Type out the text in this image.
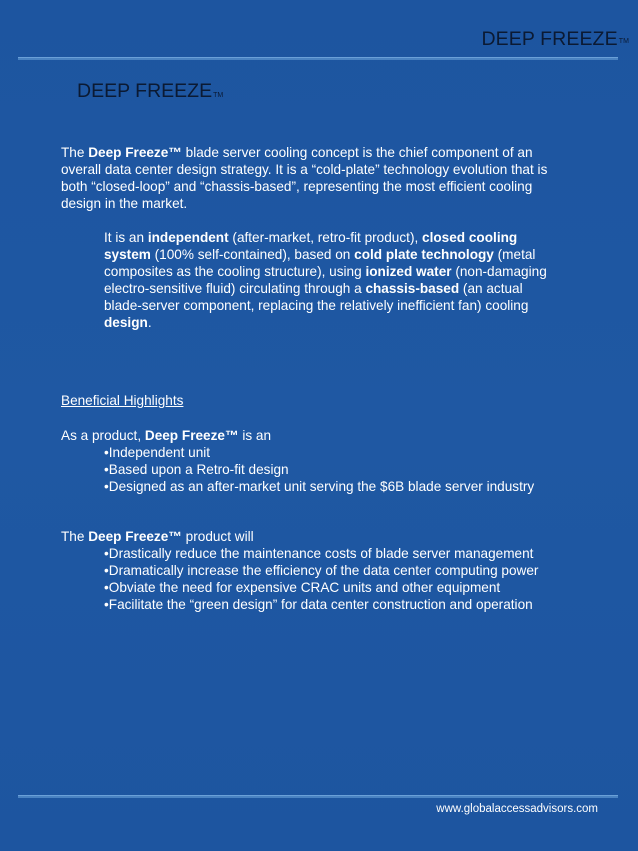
DEEP FREEZETM
DEEP FREEZETM

The Deep Freeze™ blade server cooling concept is the chief component of an overall data center design strategy. It is a “cold-plate” technology evolution that is both “closed-loop” and “chassis-based”, representing the most efficient cooling design in the market.

It is an independent (after-market, retro-fit product), closed cooling system (100% self-contained), based on cold plate technology (metal composites as the cooling structure), using ionized water (non-damaging electro-sensitive fluid) circulating through a chassis-based (an actual blade-server component, replacing the relatively inefficient fan) cooling design.

Beneficial Highlights
As a product, Deep Freeze™ is an
• Independent unit
• Based upon a Retro-fit design
• Designed as an after-market unit serving the $6B blade server industry
The Deep Freeze™ product will
• Drastically reduce the maintenance costs of blade server management
• Dramatically increase the efficiency of the data center computing power
• Obviate the need for expensive CRAC units and other equipment
• Facilitate the “green design” for data center construction and operation
www.globalaccessadvisors.com
